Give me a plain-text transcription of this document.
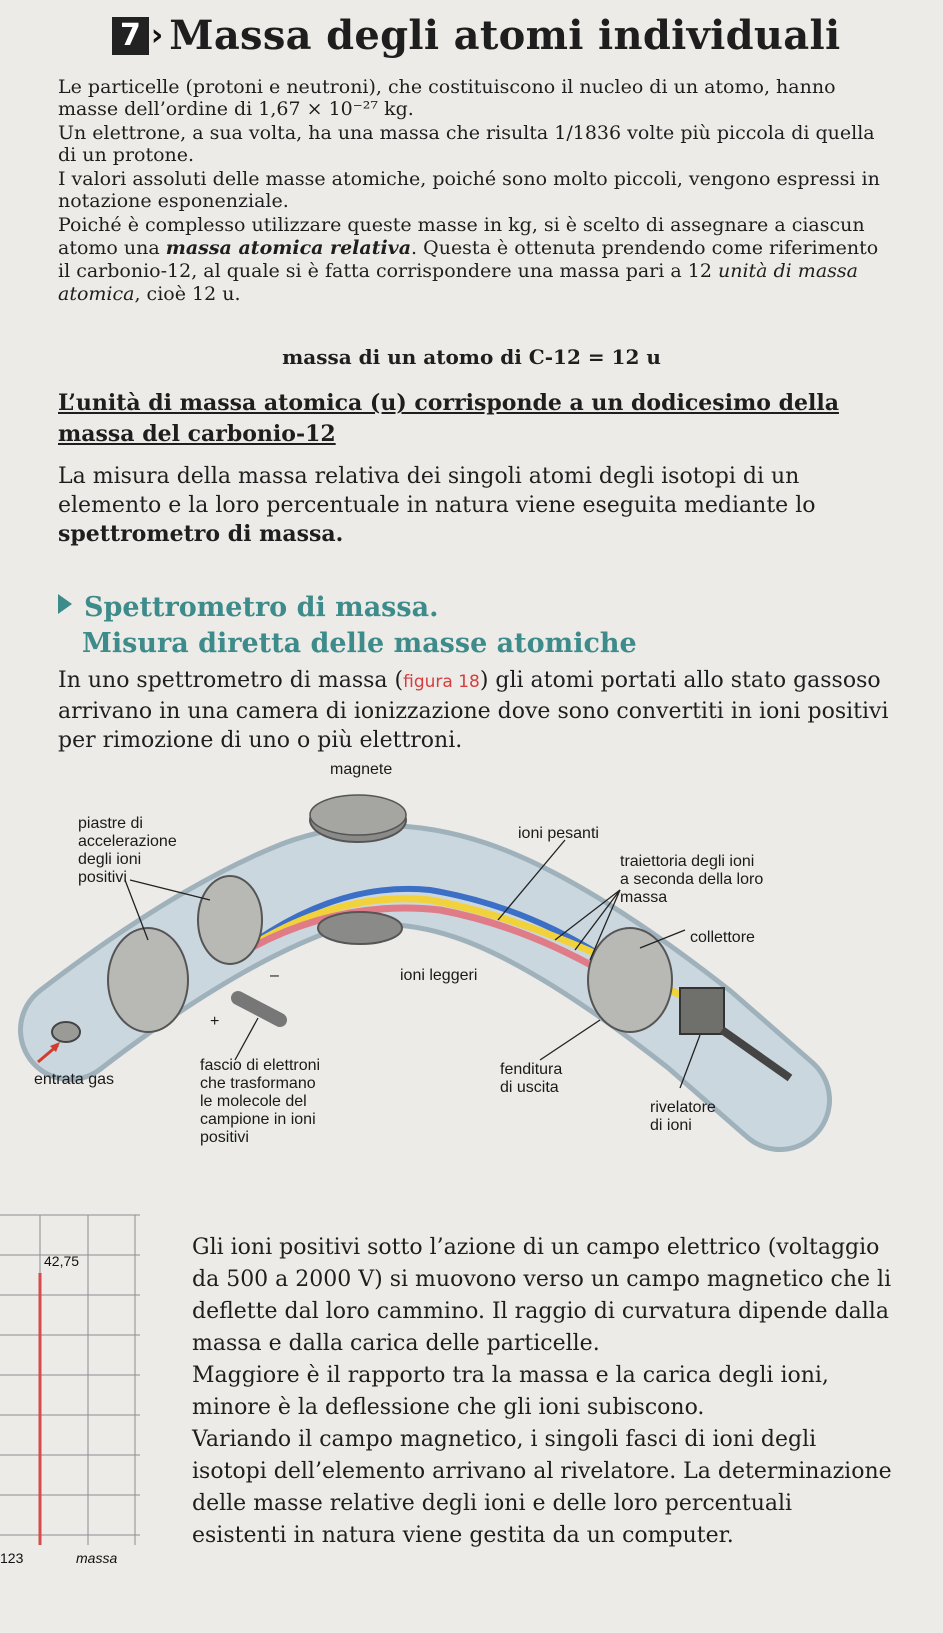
7 › Massa degli atomi individuali
Le particelle (protoni e neutroni), che costituiscono il nucleo di un atomo, hanno masse dell’ordine di 1,67 × 10⁻²⁷ kg.
Un elettrone, a sua volta, ha una massa che risulta 1/1836 volte più piccola di quella di un protone.
I valori assoluti delle masse atomiche, poiché sono molto piccoli, vengono espressi in notazione esponenziale.
Poiché è complesso utilizzare queste masse in kg, si è scelto di assegnare a ciascun atomo una massa atomica relativa. Questa è ottenuta prendendo come riferimento il carbonio-12, al quale si è fatta corrispondere una massa pari a 12 unità di massa atomica, cioè 12 u.
massa di un atomo di C-12 = 12 u
L’unità di massa atomica (u) corrisponde a un dodicesimo della massa del carbonio-12
La misura della massa relativa dei singoli atomi degli isotopi di un elemento e la loro percentuale in natura viene eseguita mediante lo spettrometro di massa.
Spettrometro di massa.
Misura diretta delle masse atomiche
In uno spettrometro di massa (figura 18) gli atomi portati allo stato gassoso arrivano in una camera di ionizzazione dove sono convertiti in ioni positivi per rimozione di uno o più elettroni.
magnete
piastre di
accelerazione
degli ioni
positivi
ioni pesanti
traiettoria degli ioni
a seconda della loro
massa
collettore
ioni leggeri
–
+
entrata gas
fascio di elettroni
che trasformano
le molecole del
campione in ioni
positivi
fenditura
di uscita
rivelatore
di ioni
42,75
123	massa
Gli ioni positivi sotto l’azione di un campo elettrico (voltaggio da 500 a 2000 V) si muovono verso un campo magnetico che li deflette dal loro cammino. Il raggio di curvatura dipende dalla massa e dalla carica delle particelle.
Maggiore è il rapporto tra la massa e la carica degli ioni, minore è la deflessione che gli ioni subiscono.
Variando il campo magnetico, i singoli fasci di ioni degli isotopi dell’elemento arrivano al rivelatore. La determinazione delle masse relative degli ioni e delle loro percentuali esistenti in natura viene gestita da un computer.
